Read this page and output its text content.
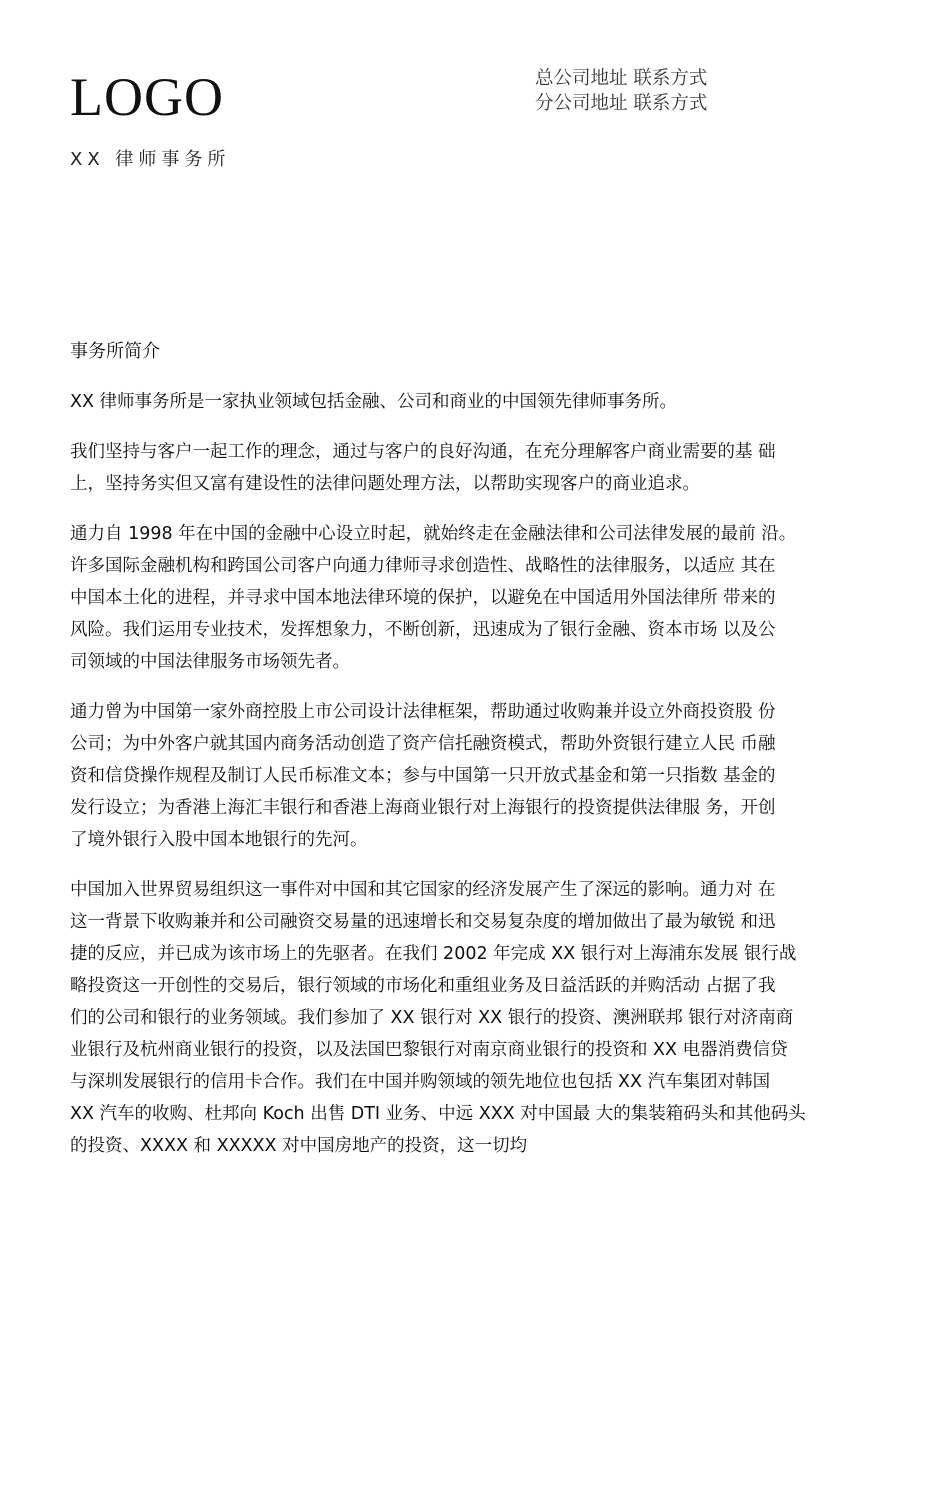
LOGO
XX 律师事务所
总公司地址 联系方式
分公司地址 联系方式
事务所简介
XX 律师事务所是一家执业领域包括金融、公司和商业的中国领先律师事务所。
我们坚持与客户一起工作的理念，通过与客户的良好沟通，在充分理解客户商业需要的基 础
上，坚持务实但又富有建设性的法律问题处理方法，以帮助实现客户的商业追求。
通力自 1998 年在中国的金融中心设立时起，就始终走在金融法律和公司法律发展的最前 沿。
许多国际金融机构和跨国公司客户向通力律师寻求创造性、战略性的法律服务，以适应 其在
中国本土化的进程，并寻求中国本地法律环境的保护，以避免在中国适用外国法律所 带来的
风险。我们运用专业技术，发挥想象力，不断创新，迅速成为了银行金融、资本市场 以及公
司领域的中国法律服务市场领先者。
通力曾为中国第一家外商控股上市公司设计法律框架，帮助通过收购兼并设立外商投资股 份
公司；为中外客户就其国内商务活动创造了资产信托融资模式，帮助外资银行建立人民 币融
资和信贷操作规程及制订人民币标准文本；参与中国第一只开放式基金和第一只指数 基金的
发行设立；为香港上海汇丰银行和香港上海商业银行对上海银行的投资提供法律服 务，开创
了境外银行入股中国本地银行的先河。
中国加入世界贸易组织这一事件对中国和其它国家的经济发展产生了深远的影响。通力对 在
这一背景下收购兼并和公司融资交易量的迅速增长和交易复杂度的增加做出了最为敏锐 和迅
捷的反应，并已成为该市场上的先驱者。在我们 2002 年完成 XX 银行对上海浦东发展 银行战
略投资这一开创性的交易后，银行领域的市场化和重组业务及日益活跃的并购活动 占据了我
们的公司和银行的业务领域。我们参加了 XX 银行对 XX 银行的投资、澳洲联邦 银行对济南商
业银行及杭州商业银行的投资，以及法国巴黎银行对南京商业银行的投资和 XX 电器消费信贷
与深圳发展银行的信用卡合作。我们在中国并购领域的领先地位也包括 XX 汽车集团对韩国
XX 汽车的收购、杜邦向 Koch 出售 DTI 业务、中远 XXX 对中国最 大的集装箱码头和其他码头
的投资、XXXX 和 XXXXX 对中国房地产的投资，这一切均
